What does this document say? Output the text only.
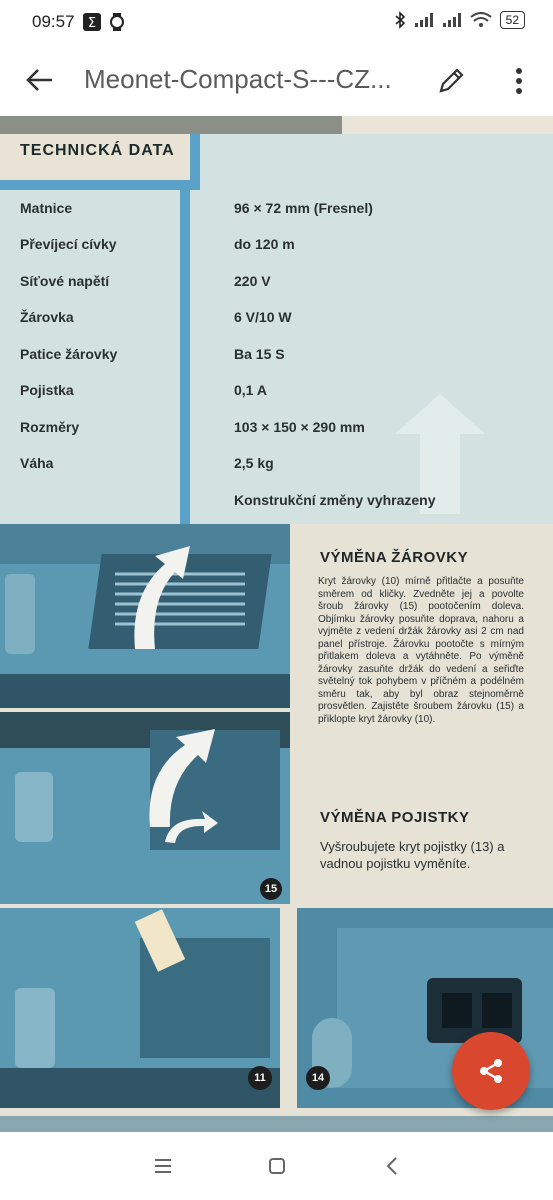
09:57 Σ	52
Meonet-Compact-S---CZ...
TECHNICKÁ DATA
Matnice	96 × 72 mm (Fresnel)
Převíjecí cívky	do 120 m
Síťové napětí	220 V
Žárovka	6 V/10 W
Patice žárovky	Ba 15 S
Pojistka	0,1 A
Rozměry	103 × 150 × 290 mm
Váha	2,5 kg
Konstrukční změny vyhrazeny
15
VÝMĚNA ŽÁROVKY
Kryt žárovky (10) mírně přitlačte a posuňte směrem od kličky. Zvedněte jej a povolte šroub žárovky (15) pootočením doleva. Objímku žárovky posuňte doprava, nahoru a vyjměte z vedení držák žárovky asi 2 cm nad panel přístroje. Žárovku pootočte s mírným přitlakem doleva a vytáhněte. Po výměně žárovky zasuňte držák do vedení a seřiďte světelný tok pohybem v příčném a podélném směru tak, aby byl obraz stejnoměrně prosvětlen. Zajistěte šroubem žárovku (15) a přiklopte kryt žárovky (10).
VÝMĚNA POJISTKY
Vyšroubujete kryt pojistky (13) a vadnou pojistku vyměníte.
11	14
